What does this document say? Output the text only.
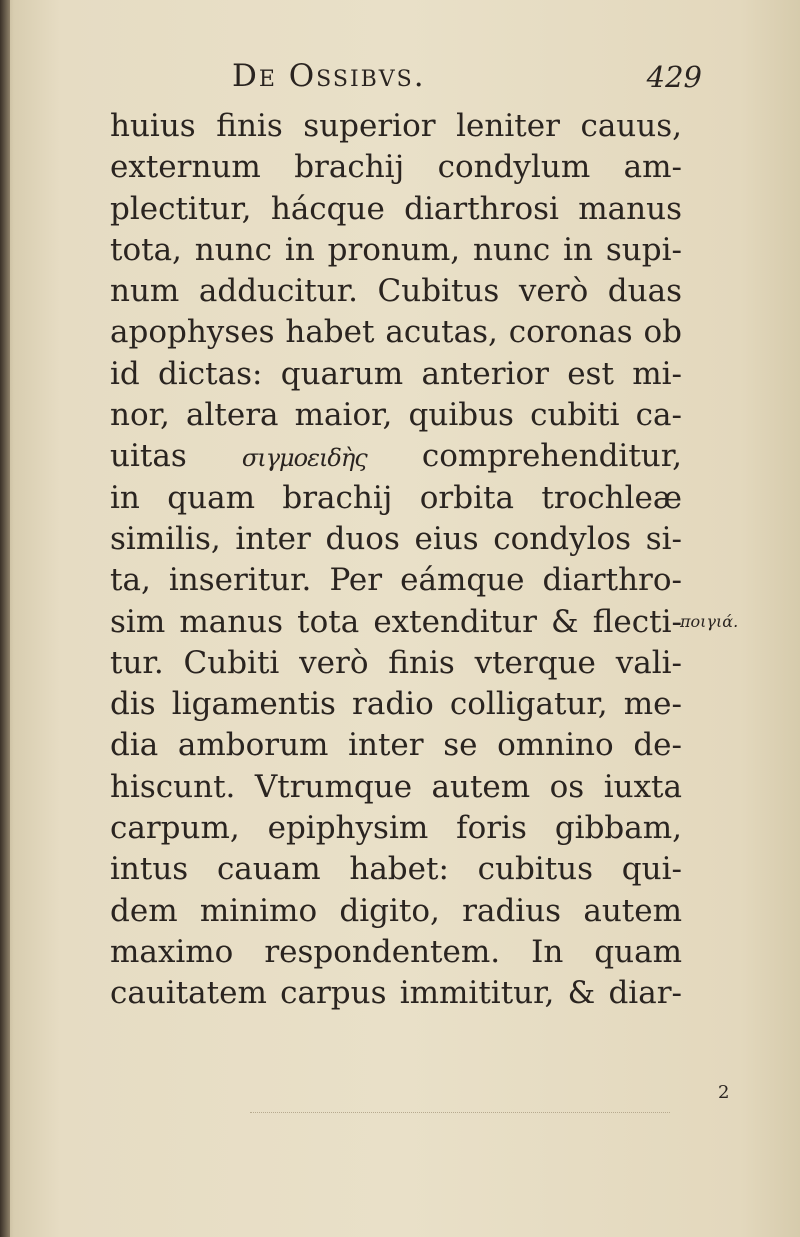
De Ossibvs.	429
huius finis superior leniter cauus,
externum brachij condylum am-
plectitur, hácque diarthrosi manus
tota, nunc in pronum, nunc in supi-
num adducitur. Cubitus verò duas
apophyses habet acutas, coronas ob
id dictas: quarum anterior est mi-
nor, altera maior, quibus cubiti ca-
uitas σιγμοειδὴς comprehenditur,
in quam brachij orbita trochleæ
similis, inter duos eius condylos si-
ta, inseritur. Per eámque diarthro-
sim manus tota extenditur & flecti-
tur. Cubiti verò finis vterque vali-
dis ligamentis radio colligatur, me-
dia amborum inter se omnino de-
hiscunt. Vtrumque autem os iuxta
carpum, epiphysim foris gibbam,
intus cauam habet: cubitus qui-
dem minimo digito, radius autem
maximo respondentem. In quam
cauitatem carpus immititur, & diar-
ποιγιά.
2
